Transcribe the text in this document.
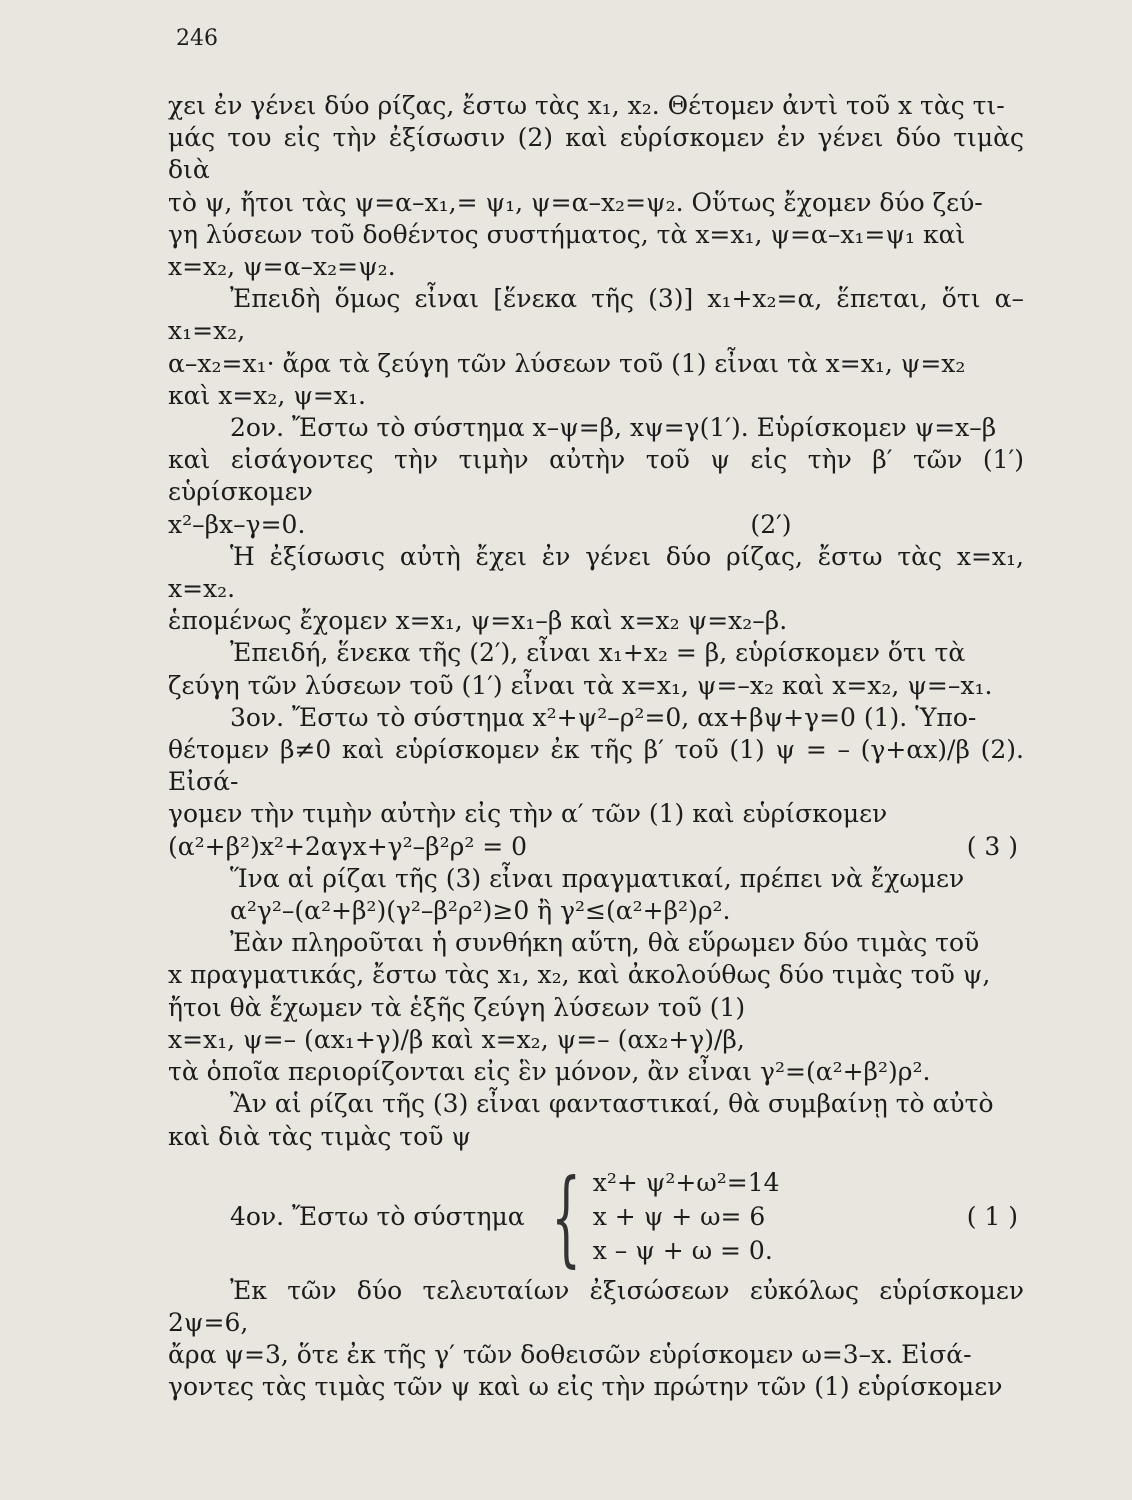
246

χει ἐν γένει δύο ρίζας, ἔστω τὰς x₁, x₂. Θέτομεν ἀντὶ τοῦ x τὰς τι-

μάς του εἰς τὴν ἐξίσωσιν (2) καὶ εὑρίσκομεν ἐν γένει δύο τιμὰς διὰ

τὸ ψ, ἤτοι τὰς ψ=α–x₁,= ψ₁, ψ=α–x₂=ψ₂. Οὕτως ἔχομεν δύο ζεύ-

γη λύσεων τοῦ δοθέντος συστήματος, τὰ x=x₁, ψ=α–x₁=ψ₁ καὶ

x=x₂, ψ=α–x₂=ψ₂.

Ἐπειδὴ ὅμως εἶναι [ἕνεκα τῆς (3)] x₁+x₂=α, ἕπεται, ὅτι α–x₁=x₂,

α–x₂=x₁· ἄρα τὰ ζεύγη τῶν λύσεων τοῦ (1) εἶναι τὰ x=x₁, ψ=x₂

καὶ x=x₂, ψ=x₁.

2ον. Ἔστω τὸ σύστημα x–ψ=β, xψ=γ(1′). Εὑρίσκομεν ψ=x–β

καὶ εἰσάγοντες τὴν τιμὴν αὐτὴν τοῦ ψ εἰς τὴν β′ τῶν (1′) εὑρίσκομεν

x²–βx–γ=0.                                                        (2′)

Ἡ ἐξίσωσις αὐτὴ ἔχει ἐν γένει δύο ρίζας, ἔστω τὰς x=x₁, x=x₂.

ἑπομένως ἔχομεν x=x₁, ψ=x₁–β καὶ x=x₂ ψ=x₂–β.

Ἐπειδή, ἕνεκα τῆς (2′), εἶναι x₁+x₂ = β, εὑρίσκομεν ὅτι τὰ

ζεύγη τῶν λύσεων τοῦ (1′) εἶναι τὰ x=x₁, ψ=–x₂ καὶ x=x₂, ψ=–x₁.

3ον. Ἔστω τὸ σύστημα x²+ψ²–ρ²=0, αx+βψ+γ=0 (1). Ὑπο-

θέτομεν β≠0 καὶ εὑρίσκομεν ἐκ τῆς β′ τοῦ (1) ψ = – (γ+αx)/β (2). Εἰσά-

γομεν τὴν τιμὴν αὐτὴν εἰς τὴν α′ τῶν (1) καὶ εὑρίσκομεν

(α²+β²)x²+2αγx+γ²–β²ρ² = 0	( 3 )

Ἵνα αἱ ρίζαι τῆς (3) εἶναι πραγματικαί, πρέπει νὰ ἔχωμεν

α²γ²–(α²+β²)(γ²–β²ρ²)≥0 ἢ γ²≤(α²+β²)ρ².

Ἐὰν πληροῦται ἡ συνθήκη αὕτη, θὰ εὕρωμεν δύο τιμὰς τοῦ

x πραγματικάς, ἔστω τὰς x₁, x₂, καὶ ἀκολούθως δύο τιμὰς τοῦ ψ,

ἤτοι θὰ ἔχωμεν τὰ ἑξῆς ζεύγη λύσεων τοῦ (1)

x=x₁, ψ=– (αx₁+γ)/β καὶ x=x₂, ψ=– (αx₂+γ)/β,

τὰ ὁποῖα περιορίζονται εἰς ἓν μόνον, ἂν εἶναι γ²=(α²+β²)ρ².

Ἂν αἱ ρίζαι τῆς (3) εἶναι φανταστικαί, θὰ συμβαίνῃ τὸ αὐτὸ

καὶ διὰ τὰς τιμὰς τοῦ ψ

4ον. Ἔστω τὸ σύστημα { x²+ ψ²+ω²=14
x + ψ + ω= 6
x – ψ + ω = 0.
( 1 )

Ἐκ τῶν δύο τελευταίων ἐξισώσεων εὐκόλως εὑρίσκομεν 2ψ=6,

ἄρα ψ=3, ὅτε ἐκ τῆς γ′ τῶν δοθεισῶν εὑρίσκομεν ω=3–x. Εἰσά-

γοντες τὰς τιμὰς τῶν ψ καὶ ω εἰς τὴν πρώτην τῶν (1) εὑρίσκομεν
